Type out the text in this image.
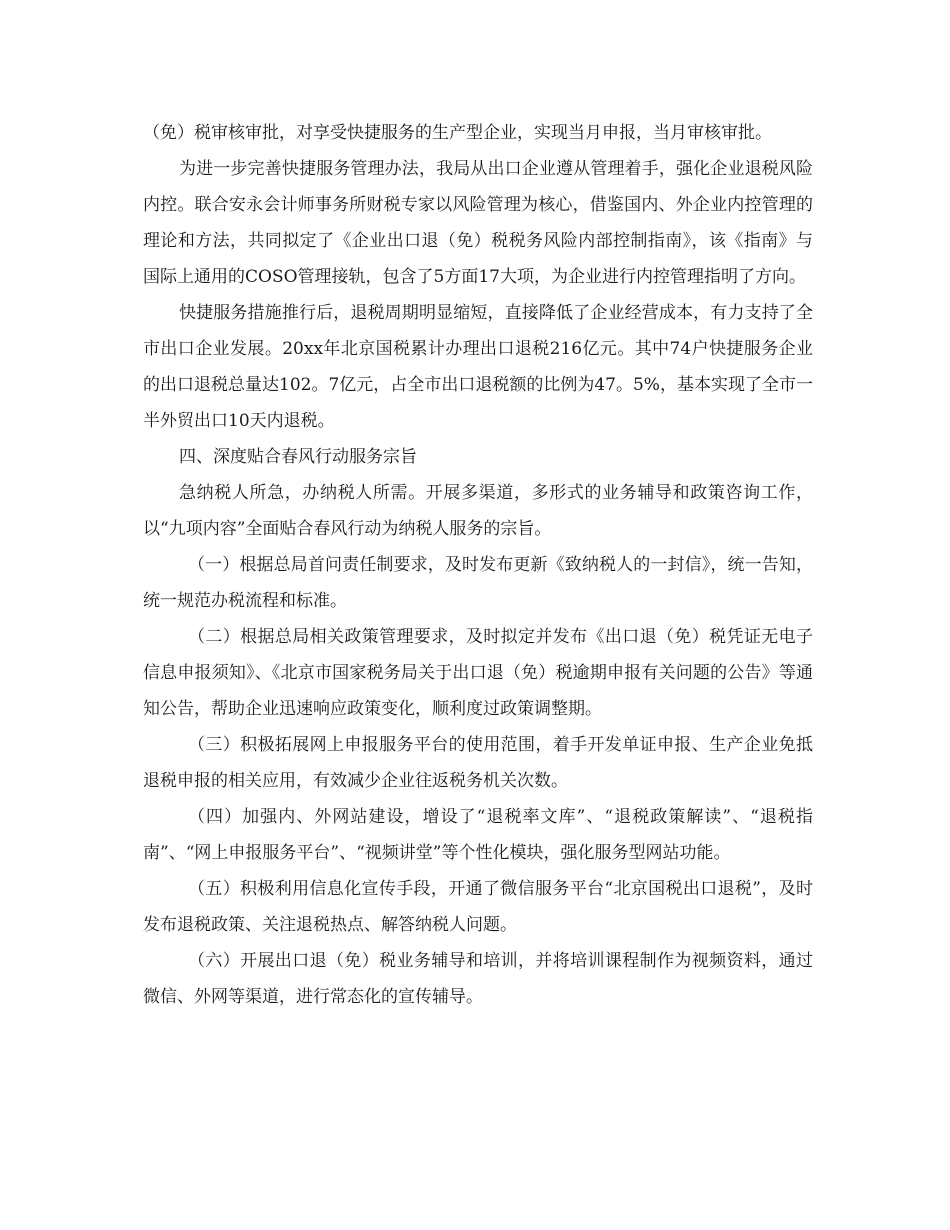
（免）税审核审批，对享受快捷服务的生产型企业，实现当月申报，当月审核审批。

为进一步完善快捷服务管理办法，我局从出口企业遵从管理着手，强化企业退税风险内控。联合安永会计师事务所财税专家以风险管理为核心，借鉴国内、外企业内控管理的理论和方法，共同拟定了《企业出口退（免）税税务风险内部控制指南》，该《指南》与国际上通用的COSO管理接轨，包含了5方面17大项，为企业进行内控管理指明了方向。

快捷服务措施推行后，退税周期明显缩短，直接降低了企业经营成本，有力支持了全市出口企业发展。20xx年北京国税累计办理出口退税216亿元。其中74户快捷服务企业的出口退税总量达102。7亿元，占全市出口退税额的比例为47。5%，基本实现了全市一半外贸出口10天内退税。

四、深度贴合春风行动服务宗旨

急纳税人所急，办纳税人所需。开展多渠道，多形式的业务辅导和政策咨询工作，以“九项内容”全面贴合春风行动为纳税人服务的宗旨。

（一）根据总局首问责任制要求，及时发布更新《致纳税人的一封信》，统一告知，统一规范办税流程和标准。

（二）根据总局相关政策管理要求，及时拟定并发布《出口退（免）税凭证无电子信息申报须知》、《北京市国家税务局关于出口退（免）税逾期申报有关问题的公告》等通知公告，帮助企业迅速响应政策变化，顺利度过政策调整期。

（三）积极拓展网上申报服务平台的使用范围，着手开发单证申报、生产企业免抵退税申报的相关应用，有效减少企业往返税务机关次数。

（四）加强内、外网站建设，增设了“退税率文库”、“退税政策解读”、“退税指南”、“网上申报服务平台”、“视频讲堂”等个性化模块，强化服务型网站功能。

（五）积极利用信息化宣传手段，开通了微信服务平台“北京国税出口退税”，及时发布退税政策、关注退税热点、解答纳税人问题。

（六）开展出口退（免）税业务辅导和培训，并将培训课程制作为视频资料，通过微信、外网等渠道，进行常态化的宣传辅导。
